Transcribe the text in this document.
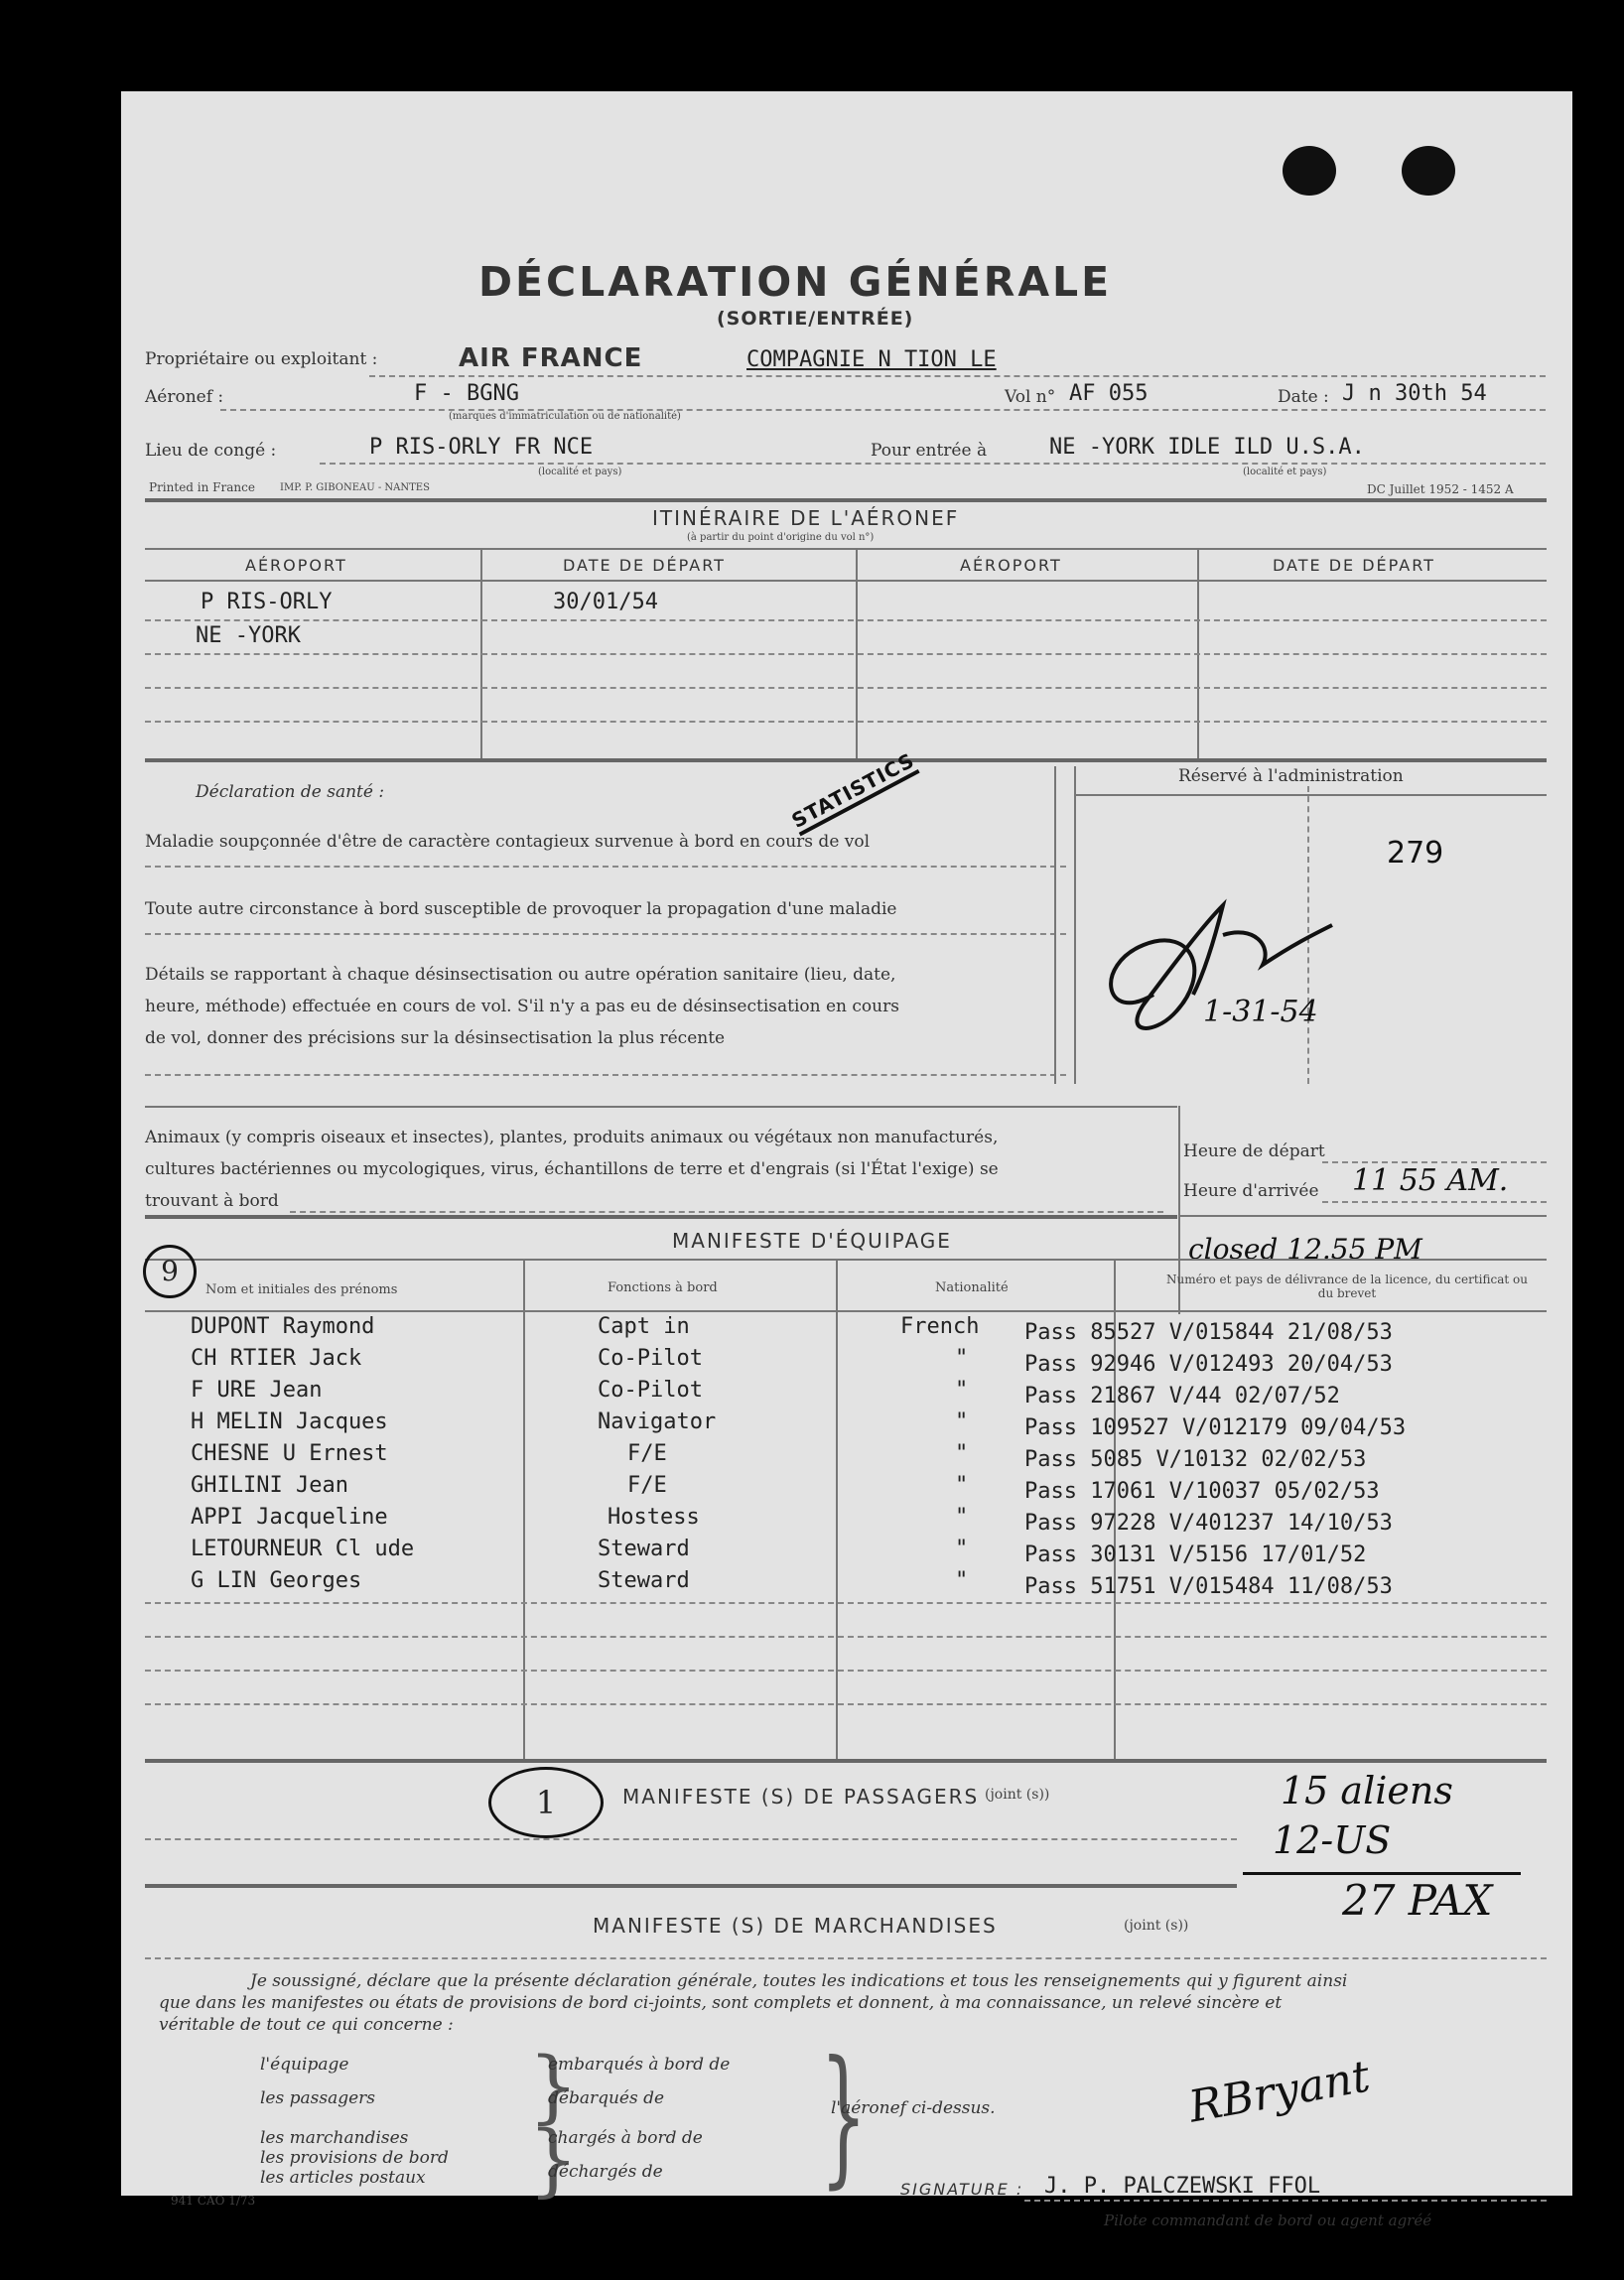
DÉCLARATION GÉNÉRALE
(SORTIE/ENTRÉE)
Propriétaire ou exploitant :	AIR FRANCE	COMPAGNIE N TION LE
Aéronef :	F - BGNG
(marques d'immatriculation ou de nationalité)
Vol n° AF 055	Date : J n 30th 54
Lieu de congé :	P RIS-ORLY FR NCE
(localité et pays)
Pour entrée à	NE -YORK IDLE ILD U.S.A.
(localité et pays)
Printed in France	IMP. P. GIBONEAU - NANTES	DC Juillet 1952 - 1452 A
ITINÉRAIRE DE L'AÉRONEF
(à partir du point d'origine du vol n°)
AÉROPORT	DATE DE DÉPART	AÉROPORT	DATE DE DÉPART
P RIS-ORLY	30/01/54
NE -YORK
STATISTICS
Déclaration de santé :
Maladie soupçonnée d'être de caractère contagieux survenue à bord en cours de vol
Toute autre circonstance à bord susceptible de provoquer la propagation d'une maladie
Détails se rapportant à chaque désinsectisation ou autre opération sanitaire (lieu, date,
heure, méthode) effectuée en cours de vol. S'il n'y a pas eu de désinsectisation en cours
de vol, donner des précisions sur la désinsectisation la plus récente
Animaux (y compris oiseaux et insectes), plantes, produits animaux ou végétaux non manufacturés,
cultures bactériennes ou mycologiques, virus, échantillons de terre et d'engrais (si l'État l'exige) se
trouvant à bord
Réservé à l'administration
279
1-31-54
Heure de départ
Heure d'arrivée 11 55 AM.
closed 12.55 PM
MANIFESTE D'ÉQUIPAGE
9
Nom et initiales des prénoms	Fonctions à bord	Nationalité
Numéro et pays de délivrance de la licence, du certificat ou du brevet
DUPONT Raymond	Capt in	French Pass 85527 V/015844 21/08/53
CH RTIER Jack	Co-Pilot	"	Pass 92946 V/012493 20/04/53
F URE Jean	Co-Pilot	"	Pass 21867 V/44 02/07/52
H MELIN Jacques	Navigator	"	Pass 109527 V/012179 09/04/53
CHESNE U Ernest	F/E	"	Pass 5085 V/10132 02/02/53
GHILINI Jean	F/E	"	Pass 17061 V/10037 05/02/53
APPI Jacqueline	Hostess	"	Pass 97228 V/401237 14/10/53
LETOURNEUR Cl ude	Steward	"	Pass 30131 V/5156 17/01/52
G LIN Georges	Steward	"	Pass 51751 V/015484 11/08/53
1	MANIFESTE (S) DE PASSAGERS (joint (s))	15 aliens
12-US
27 PAX
MANIFESTE (S) DE MARCHANDISES	(joint (s))
Je soussigné, déclare que la présente déclaration générale, toutes les indications et tous les renseignements qui y figurent ainsi
que dans les manifestes ou états de provisions de bord ci-joints, sont complets et donnent, à ma connaissance, un relevé sincère et
véritable de tout ce qui concerne :
l'équipage
les passagers
les marchandises
les provisions de bord
les articles postaux
}
}
embarqués à bord de
débarqués de
chargés à bord de
déchargés de }
l'aéronef ci-dessus.	RBryant
SIGNATURE : J. P. PALCZEWSKI FFOL
Pilote commandant de bord ou agent agréé
941 CAO 1/73
